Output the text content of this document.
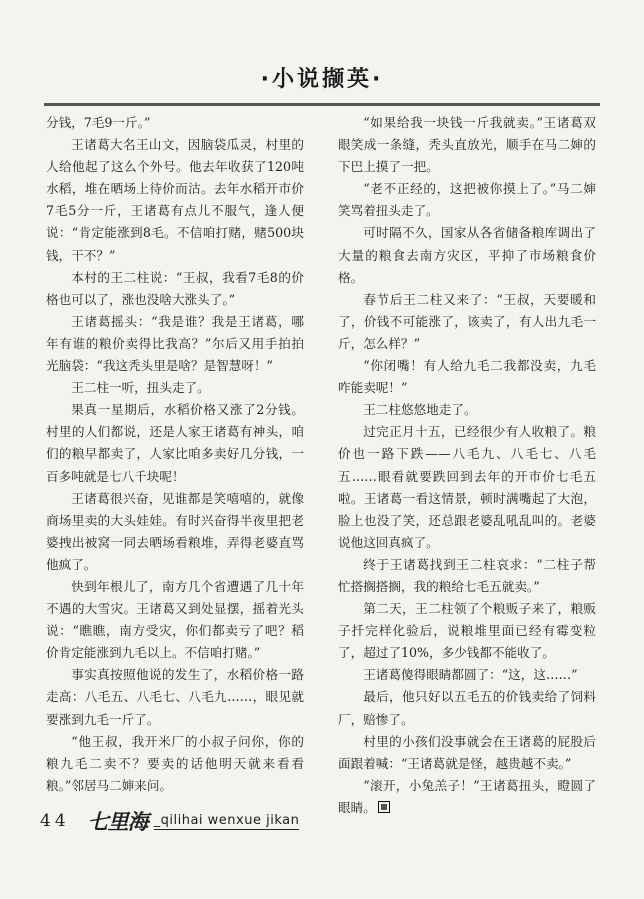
·小说撷英·

分钱，7毛9一斤。”

王诸葛大名王山文，因脑袋瓜灵，村里的人给他起了这么个外号。他去年收获了120吨水稻，堆在晒场上待价而沽。去年水稻开市价7毛5分一斤，王诸葛有点儿不服气，逢人便说：“肯定能涨到8毛。不信咱打赌，赌500块钱，干不？”

本村的王二柱说：“王叔，我看7毛8的价格也可以了，涨也没啥大涨头了。”

王诸葛摇头：“我是谁？我是王诸葛，哪年有谁的粮价卖得比我高？”尔后又用手拍拍光脑袋：“我这秃头里是啥？是智慧呀！”

王二柱一听，扭头走了。

果真一星期后，水稻价格又涨了2分钱。村里的人们都说，还是人家王诸葛有神头，咱们的粮早都卖了，人家比咱多卖好几分钱，一百多吨就是七八千块呢！

王诸葛很兴奋，见谁都是笑嘻嘻的，就像商场里卖的大头娃娃。有时兴奋得半夜里把老婆拽出被窝一同去晒场看粮堆，弄得老婆直骂他疯了。

快到年根儿了，南方几个省遭遇了几十年不遇的大雪灾。王诸葛又到处显摆，摇着光头说：“瞧瞧，南方受灾，你们都卖亏了吧？稻价肯定能涨到九毛以上。不信咱打赌。”

事实真按照他说的发生了，水稻价格一路走高：八毛五、八毛七、八毛九……，眼见就要涨到九毛一斤了。

“他王叔，我开米厂的小叔子问你，你的粮九毛二卖不？要卖的话他明天就来看看粮。”邻居马二婶来问。

“如果给我一块钱一斤我就卖。”王诸葛双眼笑成一条缝，秃头直放光，顺手在马二婶的下巴上摸了一把。

“老不正经的，这把被你摸上了。”马二婶笑骂着扭头走了。

可时隔不久，国家从各省储备粮库调出了大量的粮食去南方灾区，平抑了市场粮食价格。

春节后王二柱又来了：“王叔，天要暖和了，价钱不可能涨了，该卖了，有人出九毛一斤，怎么样？”

“你闭嘴！有人给九毛二我都没卖，九毛咋能卖呢！”

王二柱悠悠地走了。

过完正月十五，已经很少有人收粮了。粮价也一路下跌——八毛九、八毛七、八毛五……眼看就要跌回到去年的开市价七毛五啦。王诸葛一看这情景，顿时满嘴起了大泡，脸上也没了笑，还总跟老婆乱吼乱叫的。老婆说他这回真疯了。

终于王诸葛找到王二柱哀求：“二柱子帮忙搭搁搭搁，我的粮给七毛五就卖。”

第二天，王二柱领了个粮贩子来了，粮贩子扦完样化验后，说粮堆里面已经有霉变粒了，超过了10%，多少钱都不能收了。

王诸葛傻得眼睛都圆了：“这，这……”

最后，他只好以五毛五的价钱卖给了饲料厂，赔惨了。

村里的小孩们没事就会在王诸葛的屁股后面跟着喊：“王诸葛就是怪，越贵越不卖。”

“滚开，小兔羔子！”王诸葛扭头，瞪圆了眼睛。

44 七里海 _qilihai wenxue jikan
